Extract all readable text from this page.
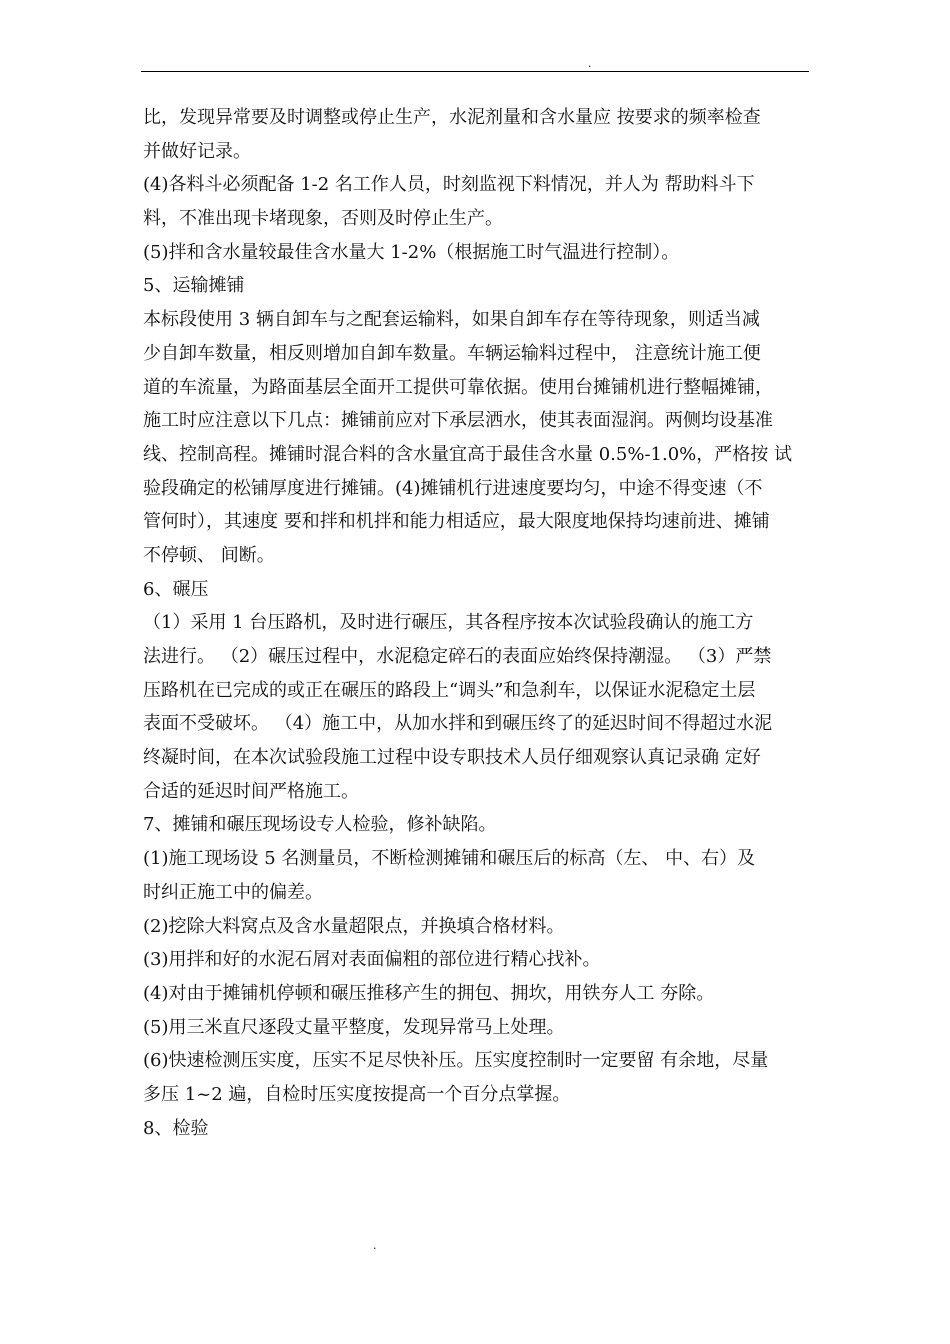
.
比，发现异常要及时调整或停止生产，水泥剂量和含水量应 按要求的频率检查
并做好记录。
(4)各料斗必须配备 1-2 名工作人员，时刻监视下料情况，并人为 帮助料斗下
料，不准出现卡堵现象，否则及时停止生产。
(5)拌和含水量较最佳含水量大 1-2%（根据施工时气温进行控制）。
5、运输摊铺
本标段使用 3 辆自卸车与之配套运输料，如果自卸车存在等待现象，则适当减
少自卸车数量，相反则增加自卸车数量。车辆运输料过程中， 注意统计施工便
道的车流量，为路面基层全面开工提供可靠依据。使用台摊铺机进行整幅摊铺，
施工时应注意以下几点：摊铺前应对下承层洒水，使其表面湿润。两侧均设基准
线、控制高程。摊铺时混合料的含水量宜高于最佳含水量 0.5%-1.0%，严格按 试
验段确定的松铺厚度进行摊铺。(4)摊铺机行进速度要均匀，中途不得变速（不
管何时），其速度 要和拌和机拌和能力相适应，最大限度地保持均速前进、摊铺
不停顿、 间断。
6、碾压
（1）采用 1 台压路机，及时进行碾压，其各程序按本次试验段确认的施工方
法进行。 （2）碾压过程中，水泥稳定碎石的表面应始终保持潮湿。 （3）严禁
压路机在已完成的或正在碾压的路段上“调头”和急刹车，以保证水泥稳定土层
表面不受破坏。 （4）施工中，从加水拌和到碾压终了的延迟时间不得超过水泥
终凝时间，在本次试验段施工过程中设专职技术人员仔细观察认真记录确 定好
合适的延迟时间严格施工。
7、摊铺和碾压现场设专人检验，修补缺陷。
(1)施工现场设 5 名测量员，不断检测摊铺和碾压后的标高（左、 中、右）及
时纠正施工中的偏差。
(2)挖除大料窝点及含水量超限点，并换填合格材料。
(3)用拌和好的水泥石屑对表面偏粗的部位进行精心找补。
(4)对由于摊铺机停顿和碾压推移产生的拥包、拥坎，用铁夯人工 夯除。
(5)用三米直尺逐段丈量平整度，发现异常马上处理。
(6)快速检测压实度，压实不足尽快补压。压实度控制时一定要留 有余地，尽量
多压 1~2 遍，自检时压实度按提高一个百分点掌握。
8、检验
.
